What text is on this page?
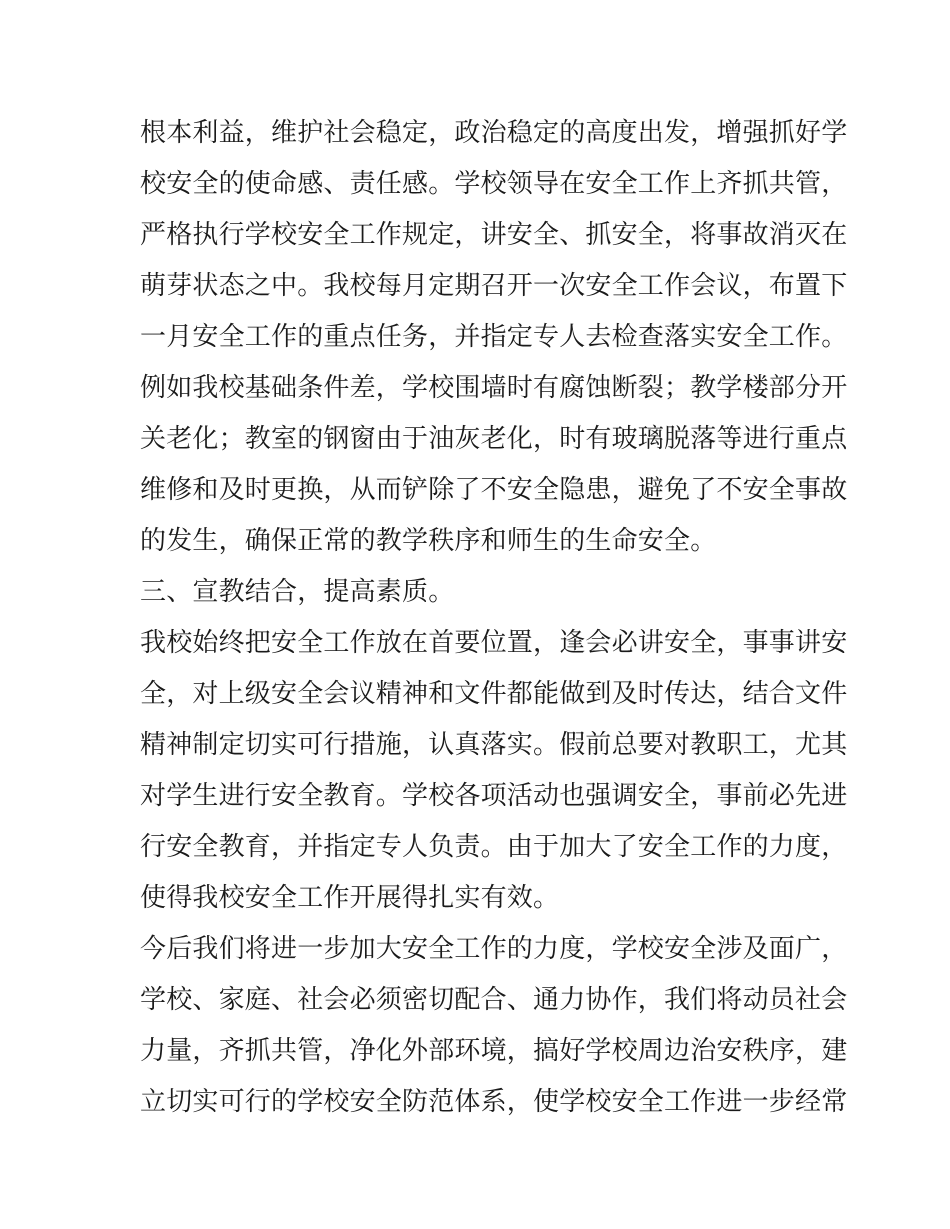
根本利益，维护社会稳定，政治稳定的高度出发，增强抓好学
校安全的使命感、责任感。学校领导在安全工作上齐抓共管，
严格执行学校安全工作规定，讲安全、抓安全，将事故消灭在
萌芽状态之中。我校每月定期召开一次安全工作会议，布置下
一月安全工作的重点任务，并指定专人去检查落实安全工作。
例如我校基础条件差，学校围墙时有腐蚀断裂；教学楼部分开
关老化；教室的钢窗由于油灰老化，时有玻璃脱落等进行重点
维修和及时更换，从而铲除了不安全隐患，避免了不安全事故
的发生，确保正常的教学秩序和师生的生命安全。
三、宣教结合，提高素质。
我校始终把安全工作放在首要位置，逢会必讲安全，事事讲安
全，对上级安全会议精神和文件都能做到及时传达，结合文件
精神制定切实可行措施，认真落实。假前总要对教职工，尤其
对学生进行安全教育。学校各项活动也强调安全，事前必先进
行安全教育，并指定专人负责。由于加大了安全工作的力度，
使得我校安全工作开展得扎实有效。
今后我们将进一步加大安全工作的力度，学校安全涉及面广，
学校、家庭、社会必须密切配合、通力协作，我们将动员社会
力量，齐抓共管，净化外部环境，搞好学校周边治安秩序，建
立切实可行的学校安全防范体系，使学校安全工作进一步经常
